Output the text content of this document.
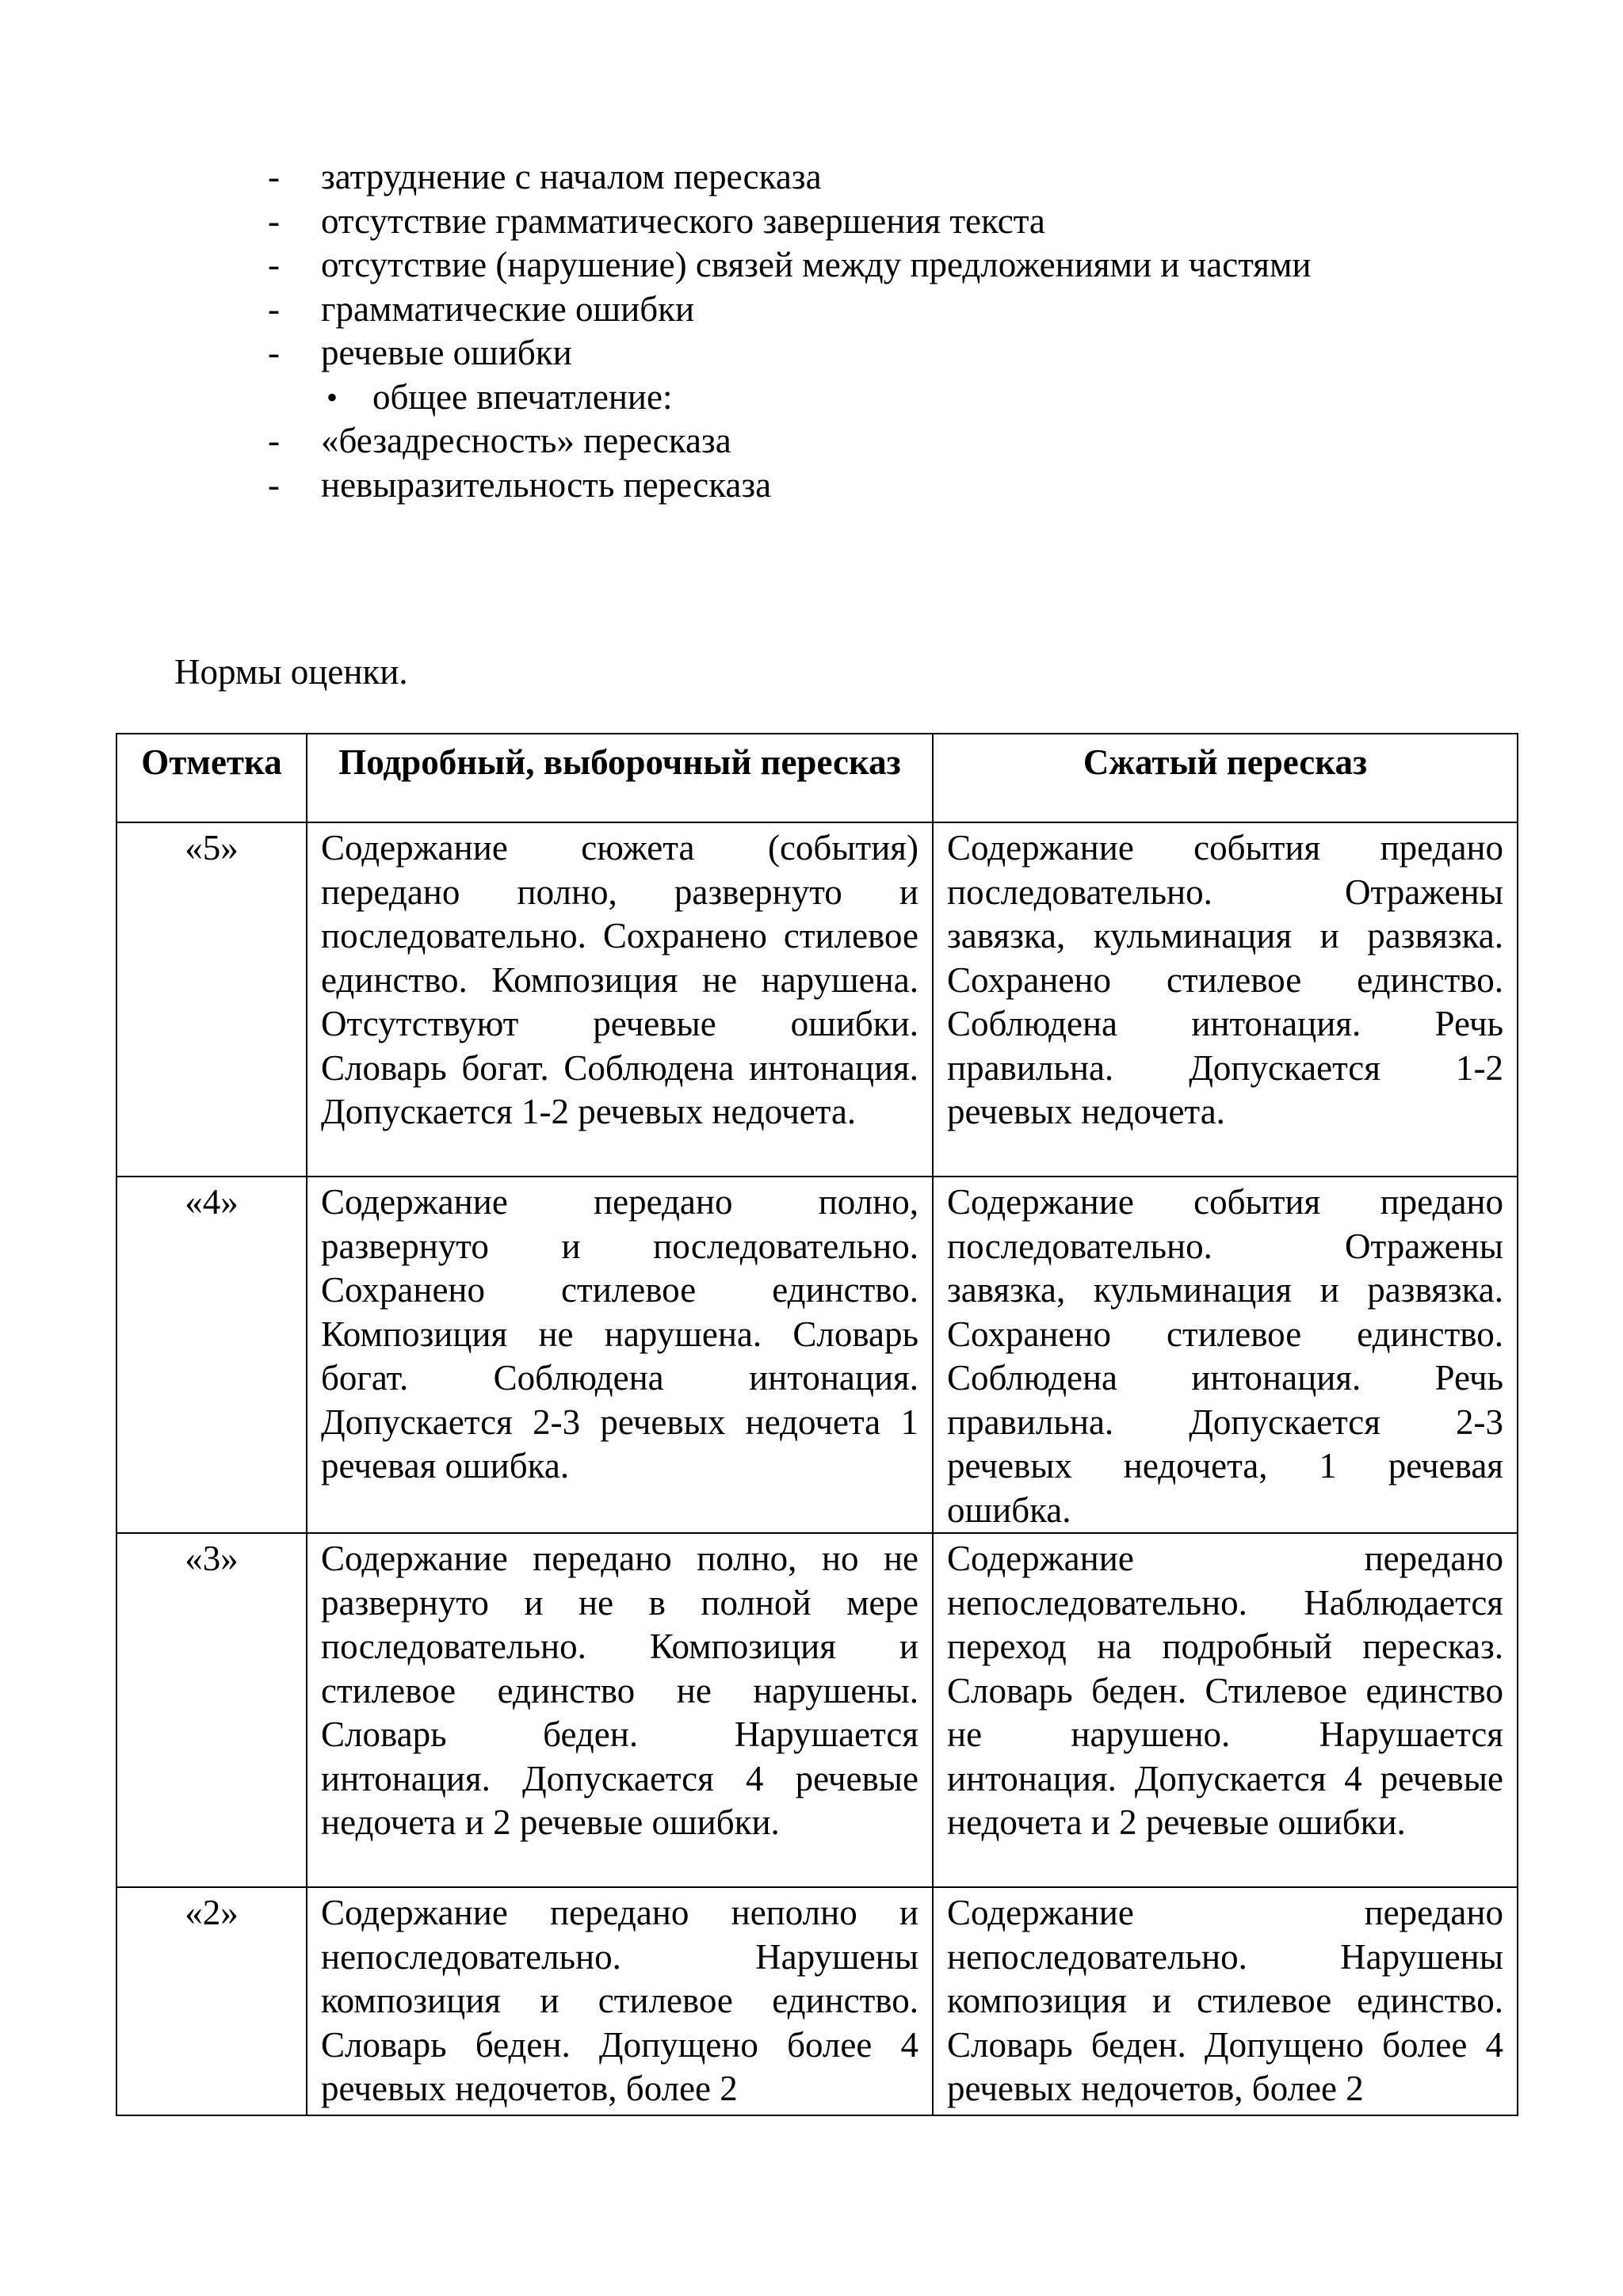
- затруднение с началом пересказа
- отсутствие грамматического завершения текста
- отсутствие (нарушение) связей между предложениями и частями
- грамматические ошибки
- речевые ошибки
• общее впечатление:
- «безадресность» пересказа
- невыразительность пересказа

Нормы оценки.

Отметка	Подробный, выборочный пересказ	Сжатый пересказ
«5»	Содержание сюжета (события) передано полно, развернуто и последовательно. Сохранено стилевое единство. Композиция не нарушена. Отсутствуют речевые ошибки. Словарь богат. Соблюдена интонация. Допускается 1-2 речевых недочета.	Содержание события предано последовательно. Отражены завязка, кульминация и развязка. Сохранено стилевое единство. Соблюдена интонация. Речь правильна. Допускается 1-2 речевых недочета.
«4»	Содержание передано полно, развернуто и последовательно. Сохранено стилевое единство. Композиция не нарушена. Словарь богат. Соблюдена интонация. Допускается 2-3 речевых недочета 1 речевая ошибка.	Содержание события предано последовательно. Отражены завязка, кульминация и развязка. Сохранено стилевое единство. Соблюдена интонация. Речь правильна. Допускается 2-3 речевых недочета, 1 речевая ошибка.
«3»	Содержание передано полно, но не развернуто и не в полной мере последовательно. Композиция и стилевое единство не нарушены. Словарь беден. Нарушается интонация. Допускается 4 речевые недочета и 2 речевые ошибки.	Содержание передано непоследовательно. Наблюдается переход на подробный пересказ. Словарь беден. Стилевое единство не нарушено. Нарушается интонация. Допускается 4 речевые недочета и 2 речевые ошибки.
«2»	Содержание передано неполно и непоследовательно. Нарушены композиция и стилевое единство. Словарь беден. Допущено более 4 речевых недочетов, более 2	Содержание передано непоследовательно. Нарушены композиция и стилевое единство. Словарь беден. Допущено более 4 речевых недочетов, более 2
